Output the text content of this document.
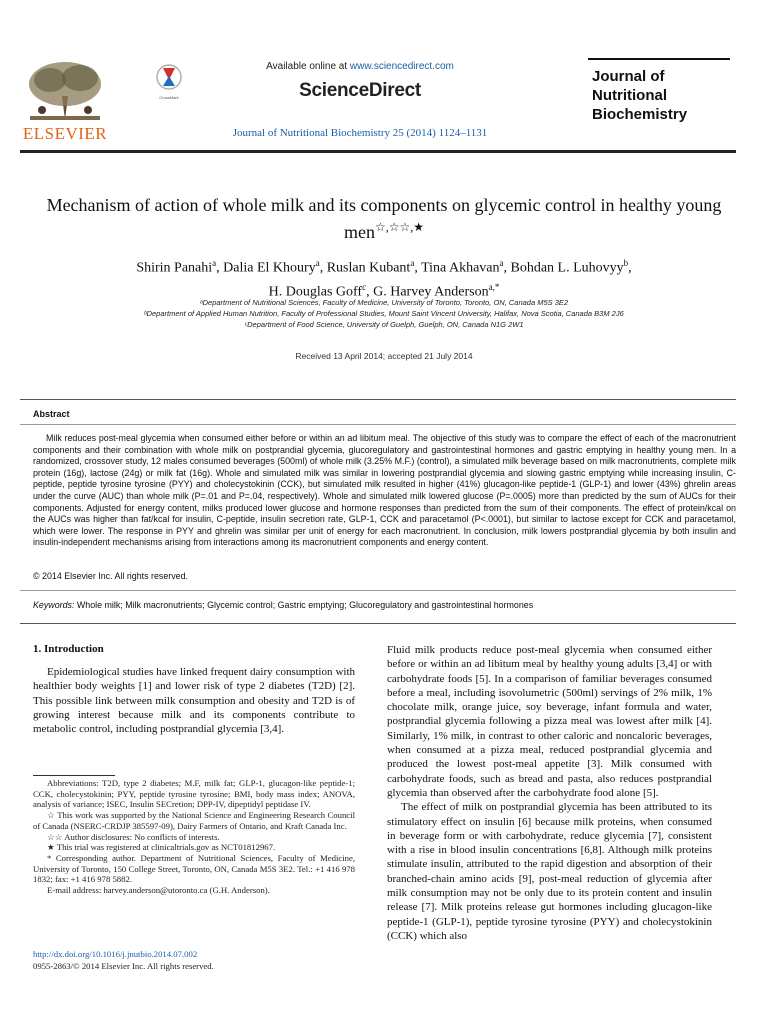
ELSEVIER
CrossMark
Available online at www.sciencedirect.com
ScienceDirect
Journal of Nutritional Biochemistry 25 (2014) 1124–1131
Journal of
Nutritional
Biochemistry
Mechanism of action of whole milk and its components on glycemic control in healthy young men☆,☆☆,★
Shirin Panahi$^a$, Dalia El Khoury$^a$, Ruslan Kubant$^a$, Tina Akhavan$^a$, Bohdan L. Luhovyy$^b$,
H. Douglas Goff$^c$, G. Harvey Anderson$^{a,*}$
ᵃDepartment of Nutritional Sciences, Faculty of Medicine, University of Toronto, Toronto, ON, Canada M5S 3E2
ᵇDepartment of Applied Human Nutrition, Faculty of Professional Studies, Mount Saint Vincent University, Halifax, Nova Scotia, Canada B3M 2J6
ᶜDepartment of Food Science, University of Guelph, Guelph, ON, Canada N1G 2W1
Received 13 April 2014; accepted 21 July 2014
Abstract
Milk reduces post-meal glycemia when consumed either before or within an ad libitum meal. The objective of this study was to compare the effect of each of the macronutrient components and their combination with whole milk on postprandial glycemia, glucoregulatory and gastrointestinal hormones and gastric emptying in healthy young men. In a randomized, crossover study, 12 males consumed beverages (500ml) of whole milk (3.25% M.F.) (control), a simulated milk beverage based on milk macronutrients, complete milk protein (16g), lactose (24g) or milk fat (16g). Whole and simulated milk was similar in lowering postprandial glycemia and slowing gastric emptying while increasing insulin, C-peptide, peptide tyrosine tyrosine (PYY) and cholecystokinin (CCK), but simulated milk resulted in higher (41%) glucagon-like peptide-1 (GLP-1) and lower (43%) ghrelin areas under the curve (AUC) than whole milk (P=.01 and P=.04, respectively). Whole and simulated milk lowered glucose (P=.0005) more than predicted by the sum of AUCs for their components. Adjusted for energy content, milks produced lower glucose and hormone responses than predicted from the sum of their components. The effect of protein/kcal on the AUCs was higher than fat/kcal for insulin, C-peptide, insulin secretion rate, GLP-1, CCK and paracetamol (P<.0001), but similar to lactose except for CCK and paracetamol, which were lower. The response in PYY and ghrelin was similar per unit of energy for each macronutrient. In conclusion, milk lowers postprandial glycemia by both insulin and insulin-independent mechanisms arising from interactions among its macronutrient components and energy content.
© 2014 Elsevier Inc. All rights reserved.
Keywords: Whole milk; Milk macronutrients; Glycemic control; Gastric emptying; Glucoregulatory and gastrointestinal hormones
1. Introduction
Epidemiological studies have linked frequent dairy consumption with healthier body weights [1] and lower risk of type 2 diabetes (T2D) [2]. This possible link between milk consumption and obesity and T2D is of growing interest because milk and its components contribute to metabolic control, including postprandial glycemia [3,4].

Fluid milk products reduce post-meal glycemia when consumed either before or within an ad libitum meal by healthy young adults [3,4] or with carbohydrate foods [5]. In a comparison of familiar beverages consumed before a meal, including isovolumetric (500ml) servings of 2% milk, 1% chocolate milk, orange juice, soy beverage, infant formula and water, postprandial glycemia following a pizza meal was lowest after milk [4]. Similarly, 1% milk, in contrast to other caloric and noncaloric beverages, when consumed at a pizza meal, reduced postprandial glycemia and produced the lowest post-meal appetite [3]. Milk consumed with carbohydrate foods, such as bread and pasta, also reduces postprandial glycemia than observed after the carbohydrate food alone [5].

The effect of milk on postprandial glycemia has been attributed to its stimulatory effect on insulin [6] because milk proteins, when consumed in beverage form or with carbohydrate, reduce glycemia [7], consistent with a rise in blood insulin concentrations [6,8]. Although milk proteins stimulate insulin, attributed to the rapid digestion and absorption of their branched-chain amino acids [9], post-meal reduction of glycemia after milk consumption may not be only due to its protein content and insulin release [7]. Milk proteins release gut hormones including glucagon-like peptide-1 (GLP-1), peptide tyrosine tyrosine (PYY) and cholecystokinin (CCK) which also

Abbreviations: T2D, type 2 diabetes; M.F, milk fat; GLP-1, glucagon-like peptide-1; CCK, cholecystokinin; PYY, peptide tyrosine tyrosine; BMI, body mass index; ANOVA, analysis of variance; ISEC, Insulin SECretion; DPP-IV, dipeptidyl peptidase IV.

☆ This work was supported by the National Science and Engineering Research Council of Canada (NSERC-CRDJP 385597-09), Dairy Farmers of Ontario, and Kraft Canada Inc.

☆☆ Author disclosures: No conflicts of interests.

★ This trial was registered at clinicaltrials.gov as NCT01812967.

* Corresponding author. Department of Nutritional Sciences, Faculty of Medicine, University of Toronto, 150 College Street, Toronto, ON, Canada M5S 3E2. Tel.: +1 416 978 1832; fax: +1 416 978 5882.

E-mail address: harvey.anderson@utoronto.ca (G.H. Anderson).

http://dx.doi.org/10.1016/j.jnutbio.2014.07.002
0955-2863/© 2014 Elsevier Inc. All rights reserved.
